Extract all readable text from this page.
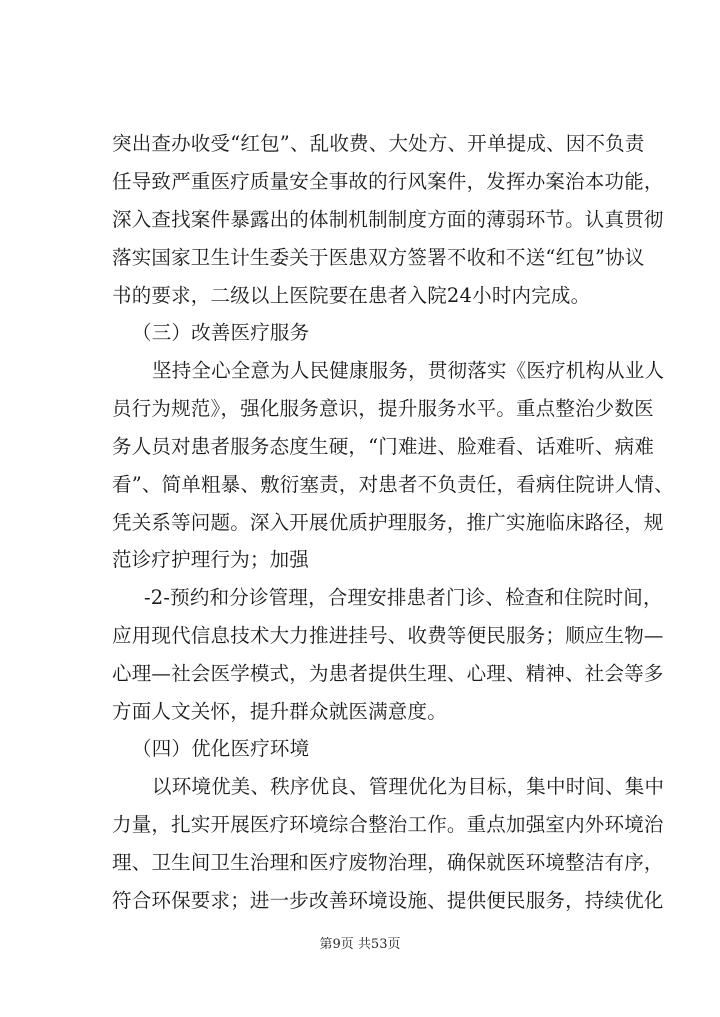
突出查办收受“红包”、乱收费、大处方、开单提成、因不负责
任导致严重医疗质量安全事故的行风案件，发挥办案治本功能，
深入查找案件暴露出的体制机制制度方面的薄弱环节。认真贯彻
落实国家卫生计生委关于医患双方签署不收和不送“红包”协议
书的要求，二级以上医院要在患者入院24小时内完成。
（三）改善医疗服务
坚持全心全意为人民健康服务，贯彻落实《医疗机构从业人
员行为规范》，强化服务意识，提升服务水平。重点整治少数医
务人员对患者服务态度生硬，“门难进、脸难看、话难听、病难
看”、简单粗暴、敷衍塞责，对患者不负责任，看病住院讲人情、
凭关系等问题。深入开展优质护理服务，推广实施临床路径，规
范诊疗护理行为；加强
-2-预约和分诊管理，合理安排患者门诊、检查和住院时间，
应用现代信息技术大力推进挂号、收费等便民服务；顺应生物—
心理—社会医学模式，为患者提供生理、心理、精神、社会等多
方面人文关怀，提升群众就医满意度。
（四）优化医疗环境
以环境优美、秩序优良、管理优化为目标，集中时间、集中
力量，扎实开展医疗环境综合整治工作。重点加强室内外环境治
理、卫生间卫生治理和医疗废物治理，确保就医环境整洁有序，
符合环保要求；进一步改善环境设施、提供便民服务，持续优化
第9页 共53页
